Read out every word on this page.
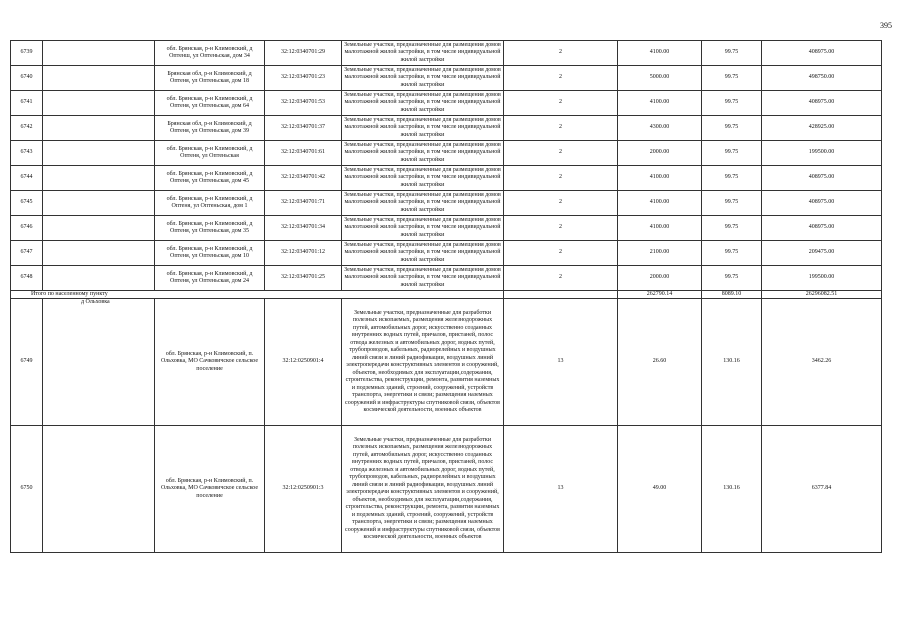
395
6739		обл. Брянская, р-н Климовский, д Оптенш, ул Оптеньская, дом 34	32:12:0340701:29	Земельные участки, предназначенные для размещения домов малоэтажной жилой застройки, в том числе индивидуальной жилой застройки	2	4100.00	99.75	408975.00
6740		Брянская обл, р-н Климовский, д Оптеня, ул Оптеньская, дом 18	32:12:0340701:23	Земельные участки, предназначенные для размещения домов малоэтажной жилой застройки, в том числе индивидуальной жилой застройки	2	5000.00	99.75	498750.00
6741		обл. Брянская, р-н Климовский, д Оптеня, ул Оптеньская, дом 64	32:12:0340701:53	Земельные участки, предназначенные для размещения домов малоэтажной жилой застройки, в том числе индивидуальной жилой застройки	2	4100.00	99.75	408975.00
6742		Брянская обл, р-н Климовский, д Оптеня, ул Оптеньская, дом 39	32:12:0340701:37	Земельные участки, предназначенные для размещения домов малоэтажной жилой застройки, в том числе индивидуальной жилой застройки	2	4300.00	99.75	428925.00
6743		обл. Брянская, р-н Климовский, д Оптеня, ул Оптеньская	32:12:0340701:61	Земельные участки, предназначенные для размещения домов малоэтажной жилой застройки, в том числе индивидуальной жилой застройки	2	2000.00	99.75	199500.00
6744		обл. Брянская, р-н Климовский, д Оптеня, ул Оптеньская, дом 45	32:12:0340701:42	Земельные участки, предназначенные для размещения домов малоэтажной жилой застройки, в том числе индивидуальной жилой застройки	2	4100.00	99.75	408975.00
6745		обл. Брянская, р-н Климовский, д Оптеня, ул Оптеньская, дом 1	32:12:0340701:71	Земельные участки, предназначенные для размещения домов малоэтажной жилой застройки, в том числе индивидуальной жилой застройки	2	4100.00	99.75	408975.00
6746		обл. Брянская, р-н Климовский, д Оптеня, ул Оптеньская, дом 35	32:12:0340701:34	Земельные участки, предназначенные для размещения домов малоэтажной жилой застройки, в том числе индивидуальной жилой застройки	2	4100.00	99.75	408975.00
6747		обл. Брянская, р-н Климовский, д Оптеня, ул Оптеньская, дом 10	32:12:0340701:12	Земельные участки, предназначенные для размещения домов малоэтажной жилой застройки, в том числе индивидуальной жилой застройки	2	2100.00	99.75	209475.00
6748		обл. Брянская, р-н Климовский, д Оптеня, ул Оптеньская, дом 24	32:12:0340701:25	Земельные участки, предназначенные для размещения домов малоэтажной жилой застройки, в том числе индивидуальной жилой застройки	2	2000.00	99.75	199500.00
Итого по населенному пункту						262790.14	8089.10	26296082.51
6749	д Ольховка	обл. Брянская, р-н Климовский, п. Ольховка, МО Сачковичское сельское поселение	32:12:0250901:4	Земельные участки, предназначенные для разработки полезных ископаемых, размещения железнодорожных путей, автомобильных дорог, искусственно созданных внутренних водных путей, причалов, пристаней, полос отвода железных и автомобильных дорог, водных путей, трубопроводов, кабельных, радиорелейных и воздушных линий связи и линий радиофикации, воздушных линий электропередачи конструктивных элементов и сооружений, объектов, необходимых для эксплуатации,содержания, строительства, реконструкции, ремонта, развития наземных и подземных зданий, строений, сооружений, устройств транспорта, энергетики и связи; размещения наземных сооружений и инфраструктуры спутниковой связи, объектов космической деятельности, военных объектов	13	26.60	130.16	3462.26
6750		обл. Брянская, р-н Климовский, п. Ольховка, МО Сачковичское сельское поселение	32:12:0250901:3	Земельные участки, предназначенные для разработки полезных ископаемых, размещения железнодорожных путей, автомобильных дорог, искусственно созданных внутренних водных путей, причалов, пристаней, полос отвода железных и автомобильных дорог, водных путей, трубопроводов, кабельных, радиорелейных и воздушных линий связи и линий радиофикации, воздушных линий электропередачи конструктивных элементов и сооружений, объектов, необходимых для эксплуатации,содержания, строительства, реконструкции, ремонта, развития наземных и подземных зданий, строений, сооружений, устройств транспорта, энергетики и связи; размещения наземных сооружений и инфраструктуры спутниковой связи, объектов космической деятельности, военных объектов	13	49.00	130.16	6377.84
